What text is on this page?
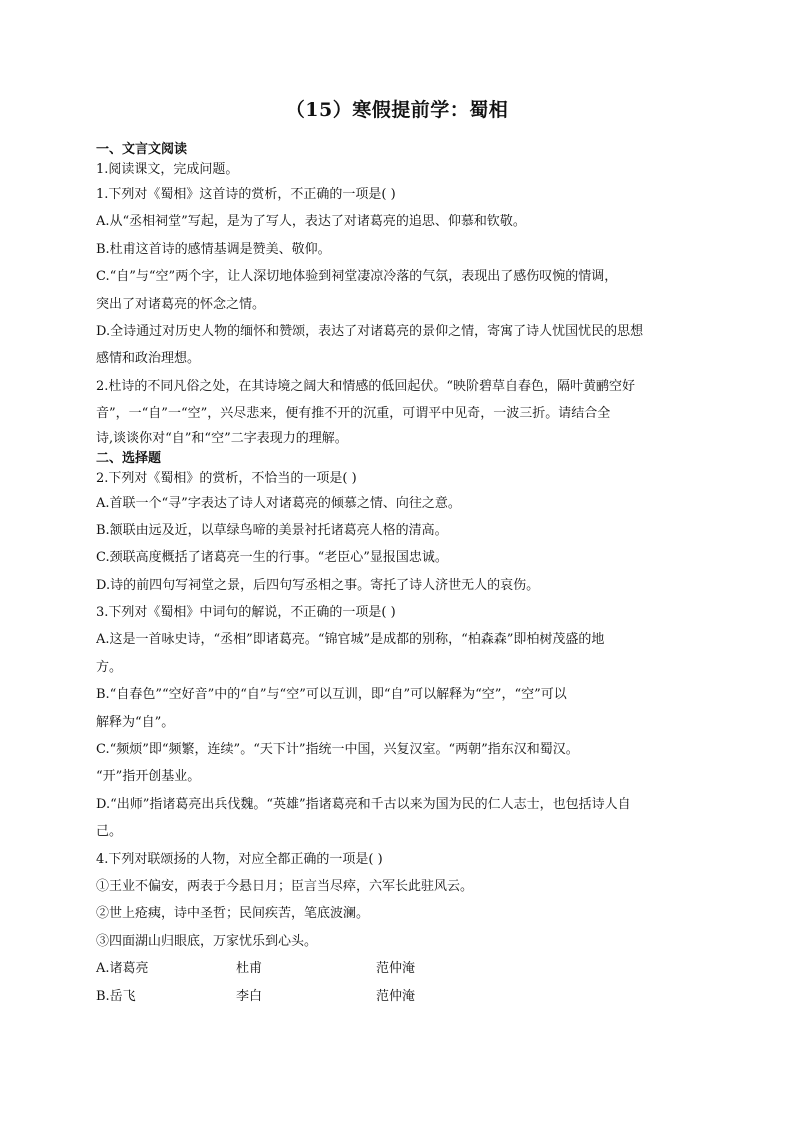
（15）寒假提前学：蜀相
一、文言文阅读
1.阅读课文，完成问题。
1.下列对《蜀相》这首诗的赏析，不正确的一项是( )
A.从“丞相祠堂”写起，是为了写人，表达了对诸葛亮的追思、仰慕和钦敬。
B.杜甫这首诗的感情基调是赞美、敬仰。
C.“自”与“空”两个字，让人深切地体验到祠堂凄凉冷落的气氛，表现出了感伤叹惋的情调，
突出了对诸葛亮的怀念之情。
D.全诗通过对历史人物的缅怀和赞颂，表达了对诸葛亮的景仰之情，寄寓了诗人忧国忧民的思想
感情和政治理想。
2.杜诗的不同凡俗之处，在其诗境之阔大和情感的低回起伏。“映阶碧草自春色，隔叶黄鹂空好
音”，一“自”一“空”，兴尽悲来，便有推不开的沉重，可谓平中见奇，一波三折。请结合全
诗,谈谈你对“自”和“空”二字表现力的理解。
二、选择题
2.下列对《蜀相》的赏析，不恰当的一项是( )
A.首联一个“寻”字表达了诗人对诸葛亮的倾慕之情、向往之意。
B.颔联由远及近，以草绿鸟啼的美景衬托诸葛亮人格的清高。
C.颈联高度概括了诸葛亮一生的行事。“老臣心”显报国忠诚。
D.诗的前四句写祠堂之景，后四句写丞相之事。寄托了诗人济世无人的哀伤。
3.下列对《蜀相》中词句的解说，不正确的一项是( )
A.这是一首咏史诗，“丞相”即诸葛亮。“锦官城”是成都的别称，“柏森森”即柏树茂盛的地
方。
B.“自春色”“空好音”中的“自”与“空”可以互训，即“自”可以解释为“空”，“空”可以
解释为“自”。
C.“频烦”即“频繁，连续”。“天下计”指统一中国，兴复汉室。“两朝”指东汉和蜀汉。
“开”指开创基业。
D.“出师”指诸葛亮出兵伐魏。“英雄”指诸葛亮和千古以来为国为民的仁人志士，也包括诗人自
己。
4.下列对联颂扬的人物，对应全都正确的一项是( )
①王业不偏安，两表于今悬日月；臣言当尽瘁，六军长此驻风云。
②世上疮痍，诗中圣哲；民间疾苦，笔底波澜。
③四面湖山归眼底，万家忧乐到心头。
A.诸葛亮	杜甫	范仲淹
B.岳飞	李白	范仲淹
